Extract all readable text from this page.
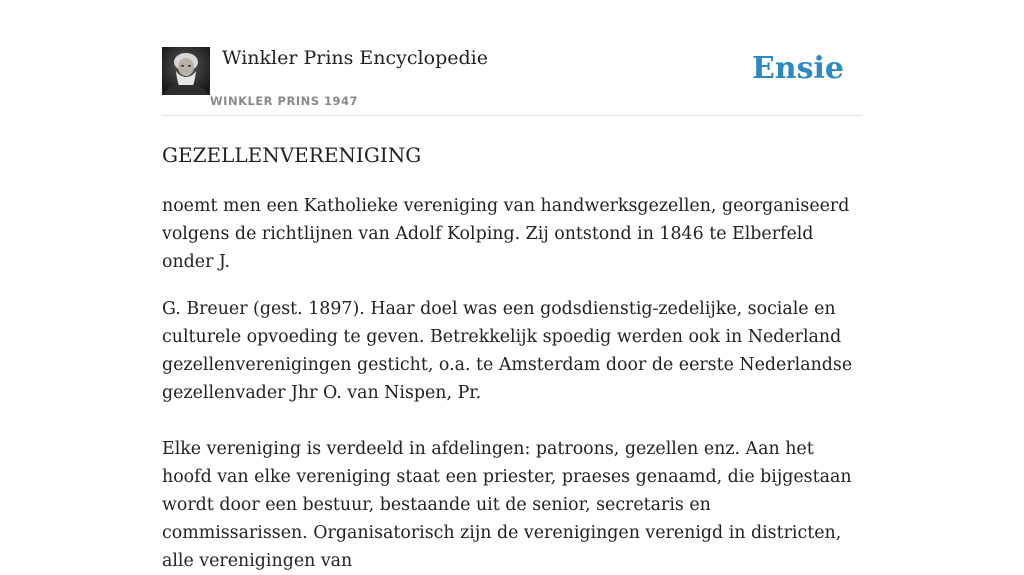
Winkler Prins Encyclopedie
WINKLER PRINS 1947
Ensie
GEZELLENVERENIGING

noemt men een Katholieke vereniging van handwerksgezellen, georganiseerd volgens de richtlijnen van Adolf Kolping. Zij ontstond in 1846 te Elberfeld onder J.

G. Breuer (gest. 1897). Haar doel was een godsdienstig-zedelijke, sociale en culturele opvoeding te geven. Betrekkelijk spoedig werden ook in Nederland gezellenverenigingen gesticht, o.a. te Amsterdam door de eerste Nederlandse gezellenvader Jhr O. van Nispen, Pr.

Elke vereniging is verdeeld in afdelingen: patroons, gezellen enz. Aan het hoofd van elke vereniging staat een priester, praeses genaamd, die bijgestaan wordt door een bestuur, bestaande uit de senior, secretaris en commissarissen. Organisatorisch zijn de verenigingen verenigd in districten, alle verenigingen van
